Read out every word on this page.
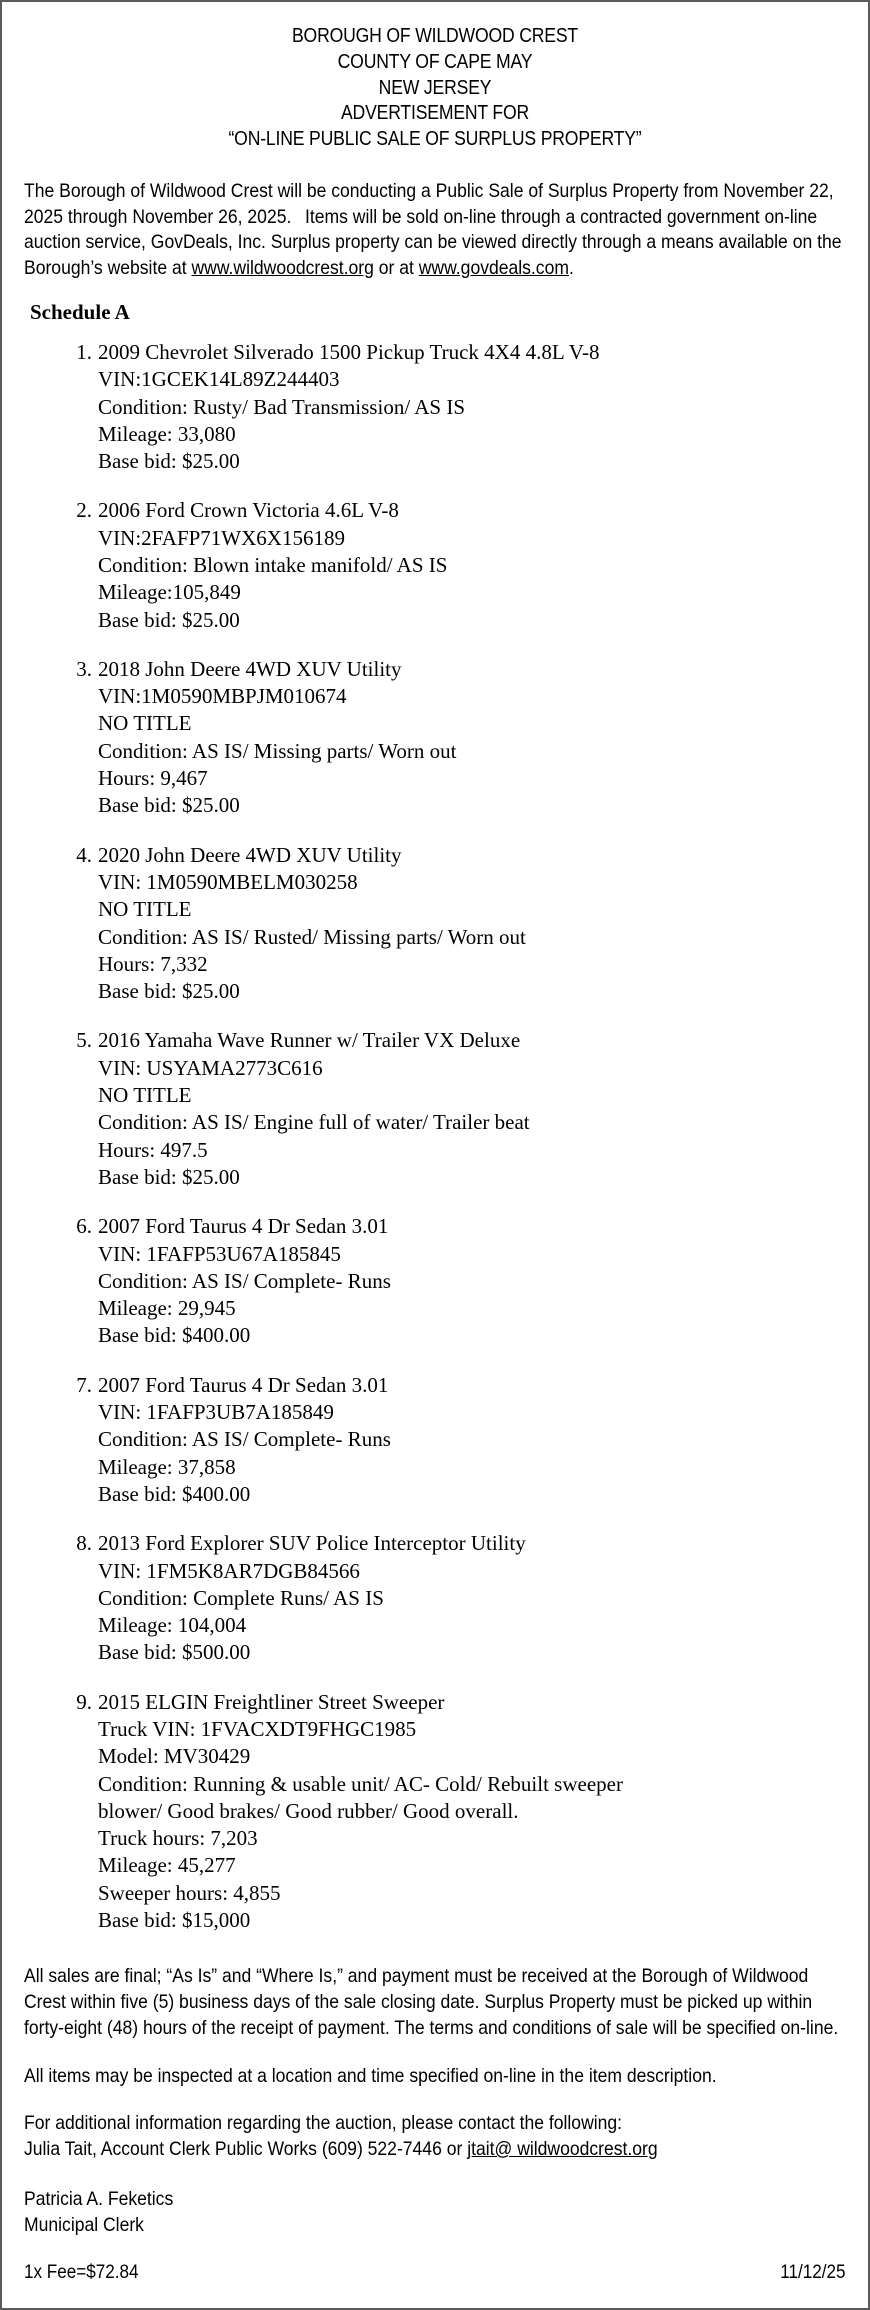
BOROUGH OF WILDWOOD CREST
COUNTY OF CAPE MAY
NEW JERSEY
ADVERTISEMENT FOR
“ON-LINE PUBLIC SALE OF SURPLUS PROPERTY”

The Borough of Wildwood Crest will be conducting a Public Sale of Surplus Property from November 22, 2025 through November 26, 2025.  Items will be sold on-line through a contracted government on-line auction service, GovDeals, Inc. Surplus property can be viewed directly through a means available on the Borough’s website at www.wildwoodcrest.org or at www.govdeals.com.

Schedule A
1. 2009 Chevrolet Silverado 1500 Pickup Truck 4X4 4.8L V-8
VIN:1GCEK14L89Z244403
Condition: Rusty/ Bad Transmission/ AS IS
Mileage: 33,080
Base bid: $25.00
2. 2006 Ford Crown Victoria 4.6L V-8
VIN:2FAFP71WX6X156189
Condition: Blown intake manifold/ AS IS
Mileage:105,849
Base bid: $25.00
3. 2018 John Deere 4WD XUV Utility
VIN:1M0590MBPJM010674
NO TITLE
Condition: AS IS/ Missing parts/ Worn out
Hours: 9,467
Base bid: $25.00
4. 2020 John Deere 4WD XUV Utility
VIN: 1M0590MBELM030258
NO TITLE
Condition: AS IS/ Rusted/ Missing parts/ Worn out
Hours: 7,332
Base bid: $25.00
5. 2016 Yamaha Wave Runner w/ Trailer VX Deluxe
VIN: USYAMA2773C616
NO TITLE
Condition: AS IS/ Engine full of water/ Trailer beat
Hours: 497.5
Base bid: $25.00
6. 2007 Ford Taurus 4 Dr Sedan 3.01
VIN: 1FAFP53U67A185845
Condition: AS IS/ Complete- Runs
Mileage: 29,945
Base bid: $400.00
7. 2007 Ford Taurus 4 Dr Sedan 3.01
VIN: 1FAFP3UB7A185849
Condition: AS IS/ Complete- Runs
Mileage: 37,858
Base bid: $400.00
8. 2013 Ford Explorer SUV Police Interceptor Utility
VIN: 1FM5K8AR7DGB84566
Condition: Complete Runs/ AS IS
Mileage: 104,004
Base bid: $500.00
9. 2015 ELGIN Freightliner Street Sweeper
Truck VIN: 1FVACXDT9FHGC1985
Model: MV30429
Condition: Running & usable unit/ AC- Cold/ Rebuilt sweeper
blower/ Good brakes/ Good rubber/ Good overall.
Truck hours: 7,203
Mileage: 45,277
Sweeper hours: 4,855
Base bid: $15,000

All sales are final; “As Is” and “Where Is,” and payment must be received at the Borough of Wildwood Crest within five (5) business days of the sale closing date. Surplus Property must be picked up within forty-eight (48) hours of the receipt of payment. The terms and conditions of sale will be specified on-line.

All items may be inspected at a location and time specified on-line in the item description.

For additional information regarding the auction, please contact the following:

Julia Tait, Account Clerk Public Works (609) 522-7446 or jtait@ wildwoodcrest.org

Patricia A. Feketics

Municipal Clerk

1x Fee=$72.84	11/12/25
